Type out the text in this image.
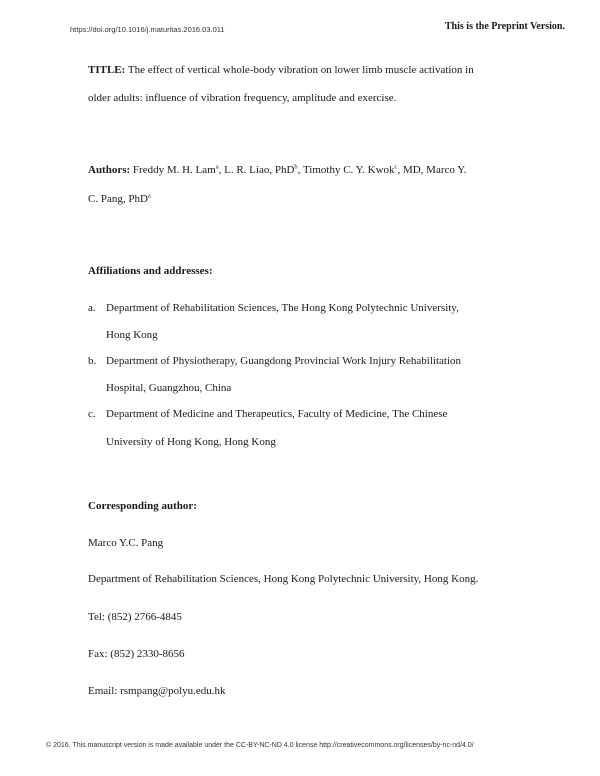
https://doi.org/10.1016/j.maturitas.2016.03.011	This is the Preprint Version.
TITLE: The effect of vertical whole-body vibration on lower limb muscle activation in
older adults: influence of vibration frequency, amplitude and exercise.
Authors: Freddy M. H. Lam$^a$, L. R. Liao, PhD$^b$, Timothy C. Y. Kwok$^c$, MD, Marco Y.
C. Pang, PhD$^a$
Affiliations and addresses:
a. Department of Rehabilitation Sciences, The Hong Kong Polytechnic University,
Hong Kong
b. Department of Physiotherapy, Guangdong Provincial Work Injury Rehabilitation
Hospital, Guangzhou, China
c. Department of Medicine and Therapeutics, Faculty of Medicine, The Chinese
University of Hong Kong, Hong Kong
Corresponding author:
Marco Y.C. Pang
Department of Rehabilitation Sciences, Hong Kong Polytechnic University, Hong Kong.
Tel: (852) 2766-4845
Fax: (852) 2330-8656
Email: rsmpang@polyu.edu.hk
© 2016. This manuscript version is made available under the CC-BY-NC-ND 4.0 license http://creativecommons.org/licenses/by-nc-nd/4.0/
